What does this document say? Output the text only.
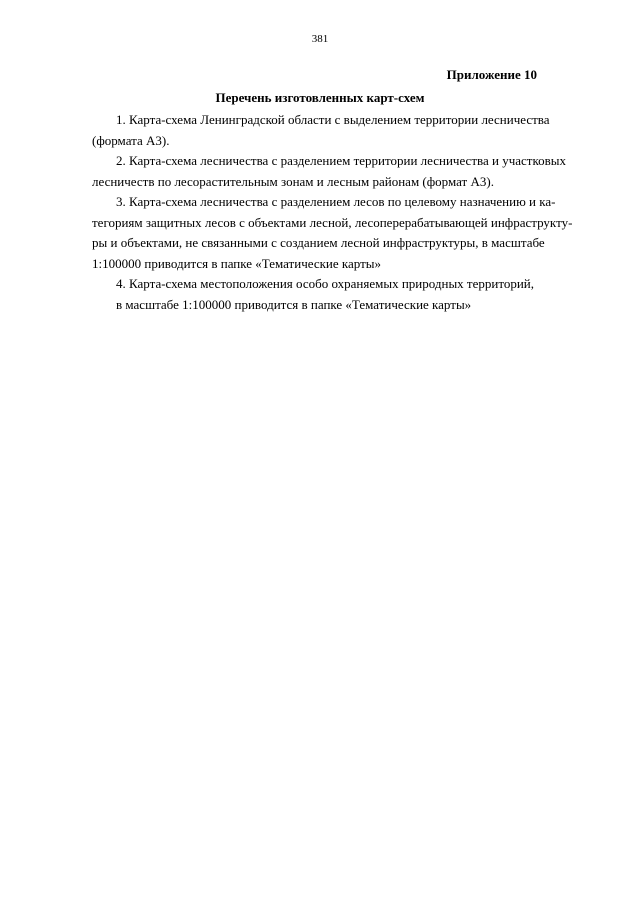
381
Приложение 10
Перечень изготовленных карт-схем
1. Карта-схема Ленинградской области с выделением территории лесничества
(формата А3).
2. Карта-схема лесничества с разделением территории лесничества и участковых
лесничеств по лесорастительным зонам и лесным районам (формат А3).
3. Карта-схема лесничества с разделением лесов по целевому назначению и ка-
тегориям защитных лесов с объектами лесной, лесоперерабатывающей инфраструкту-
ры и объектами, не связанными с созданием лесной инфраструктуры, в масштабе
1:100000 приводится в папке «Тематические карты»
4. Карта-схема местоположения особо охраняемых природных территорий,
в масштабе 1:100000 приводится в папке «Тематические карты»
